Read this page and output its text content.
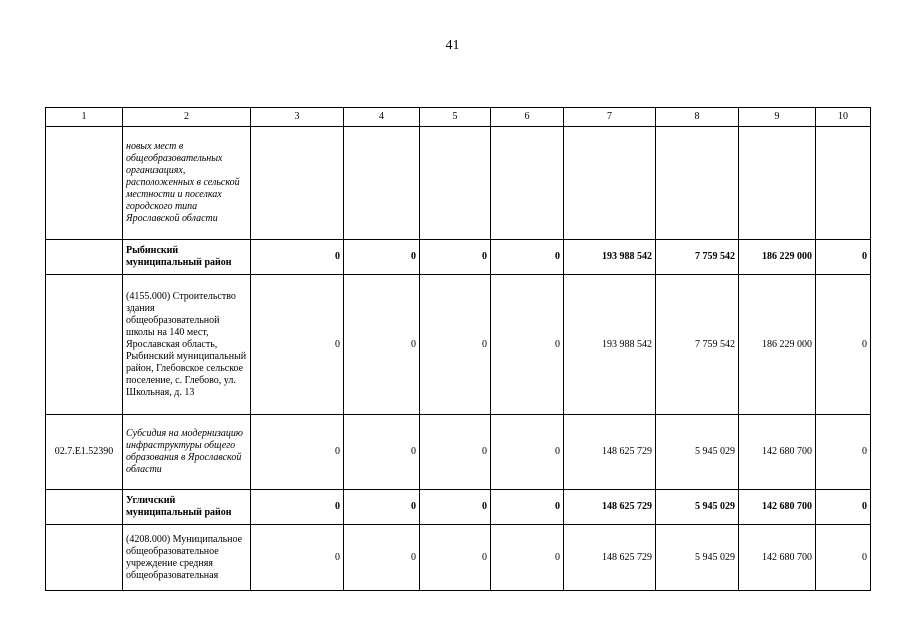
41
1	2	3	4	5	6	7	8	9	10
	новых мест в общеобразовательных организациях, расположенных в сельской местности и поселках городского типа Ярославской области								
	Рыбинский муниципальный район	0	0	0	0	193 988 542	7 759 542	186 229 000	0
	(4155.000) Строительство здания общеобразовательной школы на 140 мест, Ярославская область, Рыбинский муниципальный район, Глебовское сельское поселение, с. Глебово, ул. Школьная, д. 13	0	0	0	0	193 988 542	7 759 542	186 229 000	0
02.7.E1.52390	Субсидия на модернизацию инфраструктуры общего образования в Ярославской области	0	0	0	0	148 625 729	5 945 029	142 680 700	0
	Угличский муниципальный район	0	0	0	0	148 625 729	5 945 029	142 680 700	0
	(4208.000) Муниципальное общеобразовательное учреждение средняя общеобразовательная	0	0	0	0	148 625 729	5 945 029	142 680 700	0
